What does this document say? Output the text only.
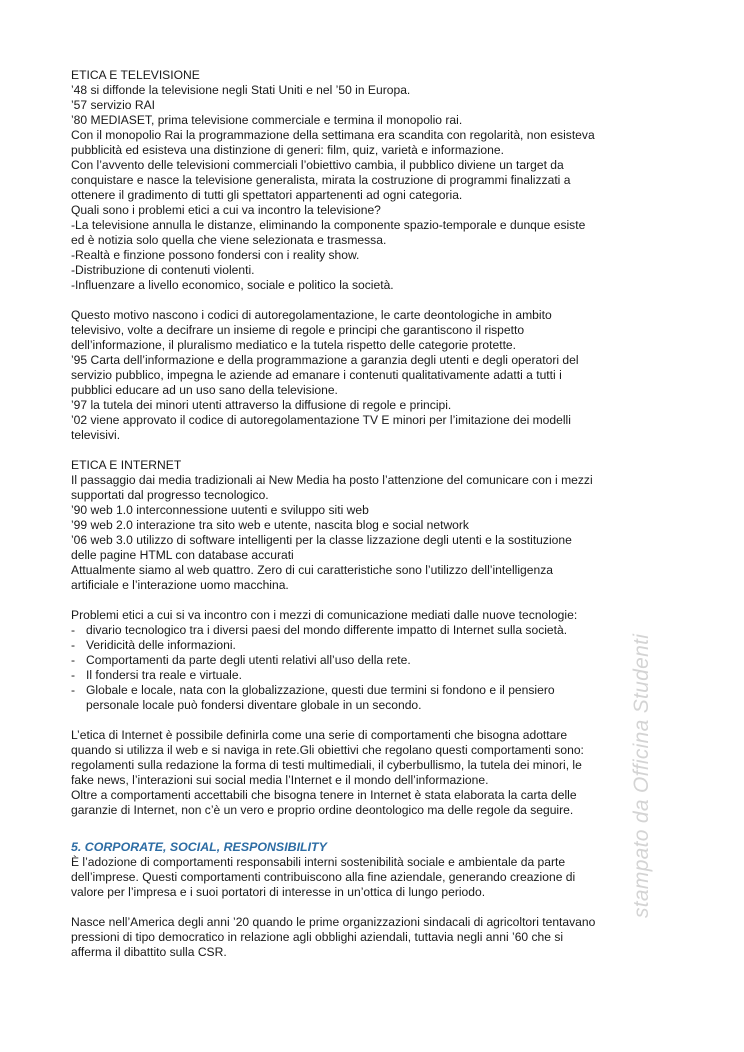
ETICA E TELEVISIONE
’48 si diffonde la televisione negli Stati Uniti e nel ’50 in Europa.
’57 servizio RAI
’80 MEDIASET, prima televisione commerciale e termina il monopolio rai.
Con il monopolio Rai la programmazione della settimana era scandita con regolarità, non esisteva
pubblicità ed esisteva una distinzione di generi: film, quiz, varietà e informazione.
Con l’avvento delle televisioni commerciali l’obiettivo cambia, il pubblico diviene un target da
conquistare e nasce la televisione generalista, mirata la costruzione di programmi finalizzati a
ottenere il gradimento di tutti gli spettatori appartenenti ad ogni categoria.
Quali sono i problemi etici a cui va incontro la televisione?
-La televisione annulla le distanze, eliminando la componente spazio-temporale e dunque esiste
ed è notizia solo quella che viene selezionata e trasmessa.
-Realtà e finzione possono fondersi con i reality show.
-Distribuzione di contenuti violenti.
-Influenzare a livello economico, sociale e politico la società.
Questo motivo nascono i codici di autoregolamentazione, le carte deontologiche in ambito
televisivo, volte a decifrare un insieme di regole e principi che garantiscono il rispetto
dell’informazione, il pluralismo mediatico e la tutela rispetto delle categorie protette.
’95 Carta dell’informazione e della programmazione a garanzia degli utenti e degli operatori del
servizio pubblico, impegna le aziende ad emanare i contenuti qualitativamente adatti a tutti i
pubblici educare ad un uso sano della televisione.
’97 la tutela dei minori utenti attraverso la diffusione di regole e principi.
’02 viene approvato il codice di autoregolamentazione TV E minori per l’imitazione dei modelli
televisivi.
ETICA E INTERNET
Il passaggio dai media tradizionali ai New Media ha posto l’attenzione del comunicare con i mezzi
supportati dal progresso tecnologico.
’90 web 1.0 interconnessione uutenti e sviluppo siti web
’99 web 2.0 interazione tra sito web e utente, nascita blog e social network
’06 web 3.0 utilizzo di software intelligenti per la classe lizzazione degli utenti e la sostituzione
delle pagine HTML con database accurati
Attualmente siamo al web quattro. Zero di cui caratteristiche sono l’utilizzo dell’intelligenza
artificiale e l’interazione uomo macchina.
Problemi etici a cui si va incontro con i mezzi di comunicazione mediati dalle nuove tecnologie:
- divario tecnologico tra i diversi paesi del mondo differente impatto di Internet sulla società.
- Veridicità delle informazioni.
- Comportamenti da parte degli utenti relativi all’uso della rete.
- Il fondersi tra reale e virtuale.
- Globale e locale, nata con la globalizzazione, questi due termini si fondono e il pensiero
personale locale può fondersi diventare globale in un secondo.
L’etica di Internet è possibile definirla come una serie di comportamenti che bisogna adottare
quando si utilizza il web e si naviga in rete.Gli obiettivi che regolano questi comportamenti sono:
regolamenti sulla redazione la forma di testi multimediali, il cyberbullismo, la tutela dei minori, le
fake news, l’interazioni sui social media l’Internet e il mondo dell’informazione.
Oltre a comportamenti accettabili che bisogna tenere in Internet è stata elaborata la carta delle
garanzie di Internet, non c’è un vero e proprio ordine deontologico ma delle regole da seguire.
5. CORPORATE, SOCIAL, RESPONSIBILITY
È l’adozione di comportamenti responsabili interni sostenibilità sociale e ambientale da parte
dell’imprese. Questi comportamenti contribuiscono alla fine aziendale, generando creazione di
valore per l’impresa e i suoi portatori di interesse in un’ottica di lungo periodo.
Nasce nell’America degli anni ’20 quando le prime organizzazioni sindacali di agricoltori tentavano
pressioni di tipo democratico in relazione agli obblighi aziendali, tuttavia negli anni ’60 che si
afferma il dibattito sulla CSR.
stampato da Officina Studenti
